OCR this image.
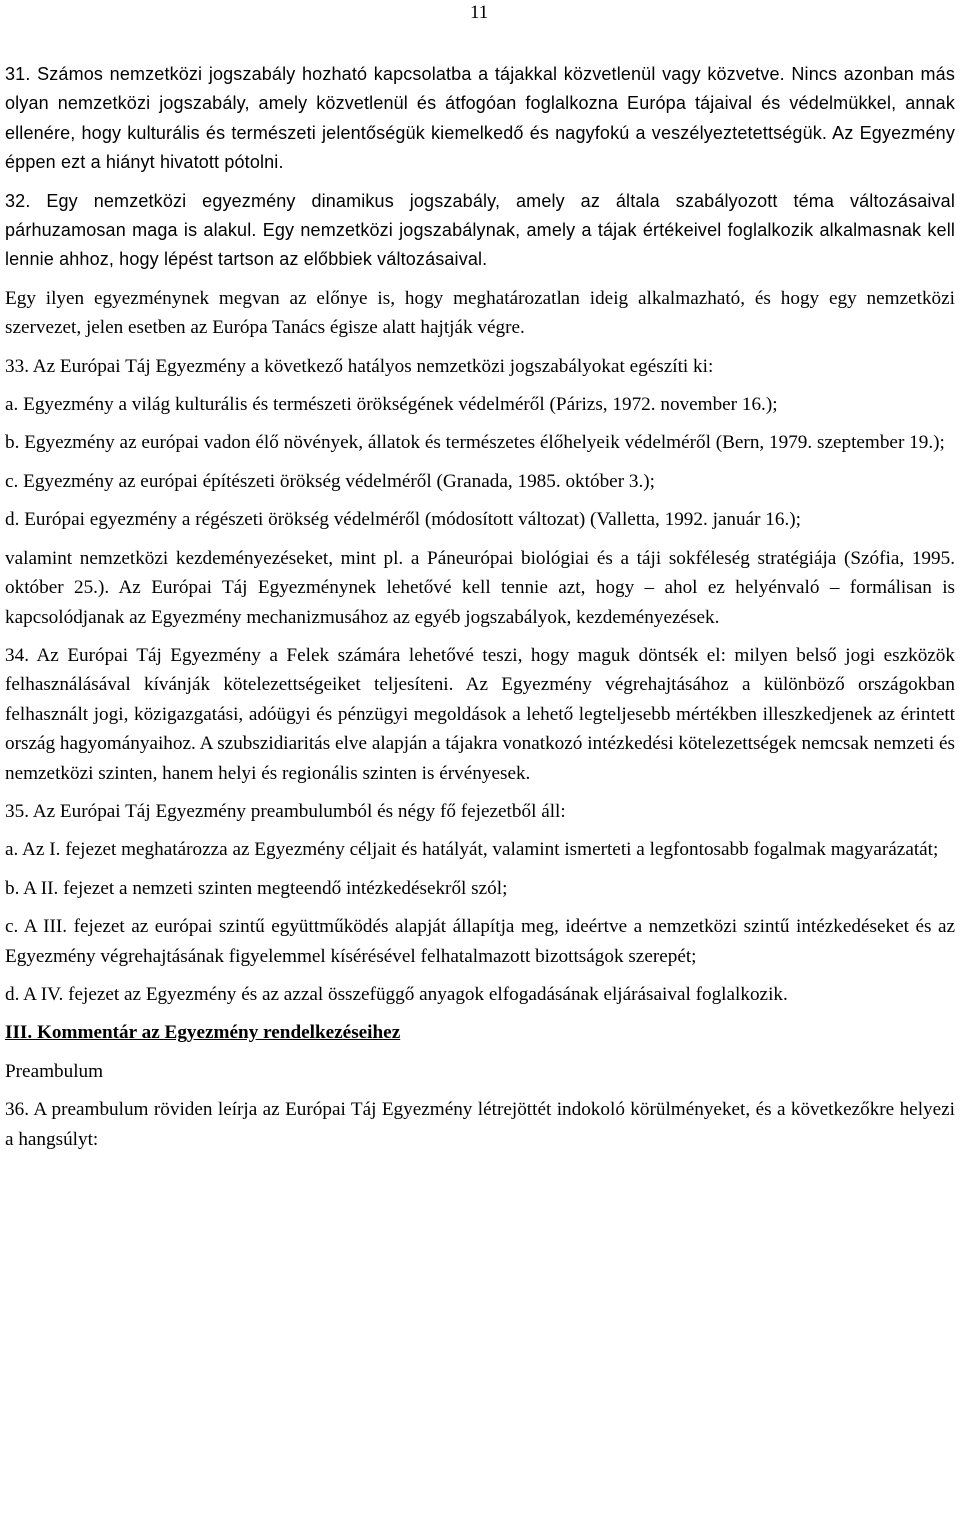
11

31. Számos nemzetközi jogszabály hozható kapcsolatba a tájakkal közvetlenül vagy közvetve. Nincs azonban más olyan nemzetközi jogszabály, amely közvetlenül és átfogóan foglalkozna Európa tájaival és védelmükkel, annak ellenére, hogy kulturális és természeti jelentőségük kiemelkedő és nagyfokú a veszélyeztetettségük. Az Egyezmény éppen ezt a hiányt hivatott pótolni.

32. Egy nemzetközi egyezmény dinamikus jogszabály, amely az általa szabályozott téma változásaival párhuzamosan maga is alakul. Egy nemzetközi jogszabálynak, amely a tájak értékeivel foglalkozik alkalmasnak kell lennie ahhoz, hogy lépést tartson az előbbiek változásaival.

Egy ilyen egyezménynek megvan az előnye is, hogy meghatározatlan ideig alkalmazható, és hogy egy nemzetközi szervezet, jelen esetben az Európa Tanács égisze alatt hajtják végre.

33. Az Európai Táj Egyezmény a következő hatályos nemzetközi jogszabályokat egészíti ki:

a. Egyezmény a világ kulturális és természeti örökségének védelméről (Párizs, 1972. november 16.);

b. Egyezmény az európai vadon élő növények, állatok és természetes élőhelyeik védelméről (Bern, 1979. szeptember 19.);

c. Egyezmény az európai építészeti örökség védelméről (Granada, 1985. október 3.);

d. Európai egyezmény a régészeti örökség védelméről (módosított változat) (Valletta, 1992. január 16.);

valamint nemzetközi kezdeményezéseket, mint pl. a Páneurópai biológiai és a táji sokféleség stratégiája (Szófia, 1995. október 25.). Az Európai Táj Egyezménynek lehetővé kell tennie azt, hogy – ahol ez helyénvaló – formálisan is kapcsolódjanak az Egyezmény mechanizmusához az egyéb jogszabályok, kezdeményezések.

34. Az Európai Táj Egyezmény a Felek számára lehetővé teszi, hogy maguk döntsék el: milyen belső jogi eszközök felhasználásával kívánják kötelezettségeiket teljesíteni. Az Egyezmény végrehajtásához a különböző országokban felhasznált jogi, közigazgatási, adóügyi és pénzügyi megoldások a lehető legteljesebb mértékben illeszkedjenek az érintett ország hagyományaihoz. A szubszidiaritás elve alapján a tájakra vonatkozó intézkedési kötelezettségek nemcsak nemzeti és nemzetközi szinten, hanem helyi és regionális szinten is érvényesek.

35. Az Európai Táj Egyezmény preambulumból és négy fő fejezetből áll:

a. Az I. fejezet meghatározza az Egyezmény céljait és hatályát, valamint ismerteti a legfontosabb fogalmak magyarázatát;

b. A II. fejezet a nemzeti szinten megteendő intézkedésekről szól;

c. A III. fejezet az európai szintű együttműködés alapját állapítja meg, ideértve a nemzetközi szintű intézkedéseket és az Egyezmény végrehajtásának figyelemmel kísérésével felhatalmazott bizottságok szerepét;

d. A IV. fejezet az Egyezmény és az azzal összefüggő anyagok elfogadásának eljárásaival foglalkozik.

III. Kommentár az Egyezmény rendelkezéseihez

Preambulum

36. A preambulum röviden leírja az Európai Táj Egyezmény létrejöttét indokoló körülményeket, és a következőkre helyezi a hangsúlyt:
